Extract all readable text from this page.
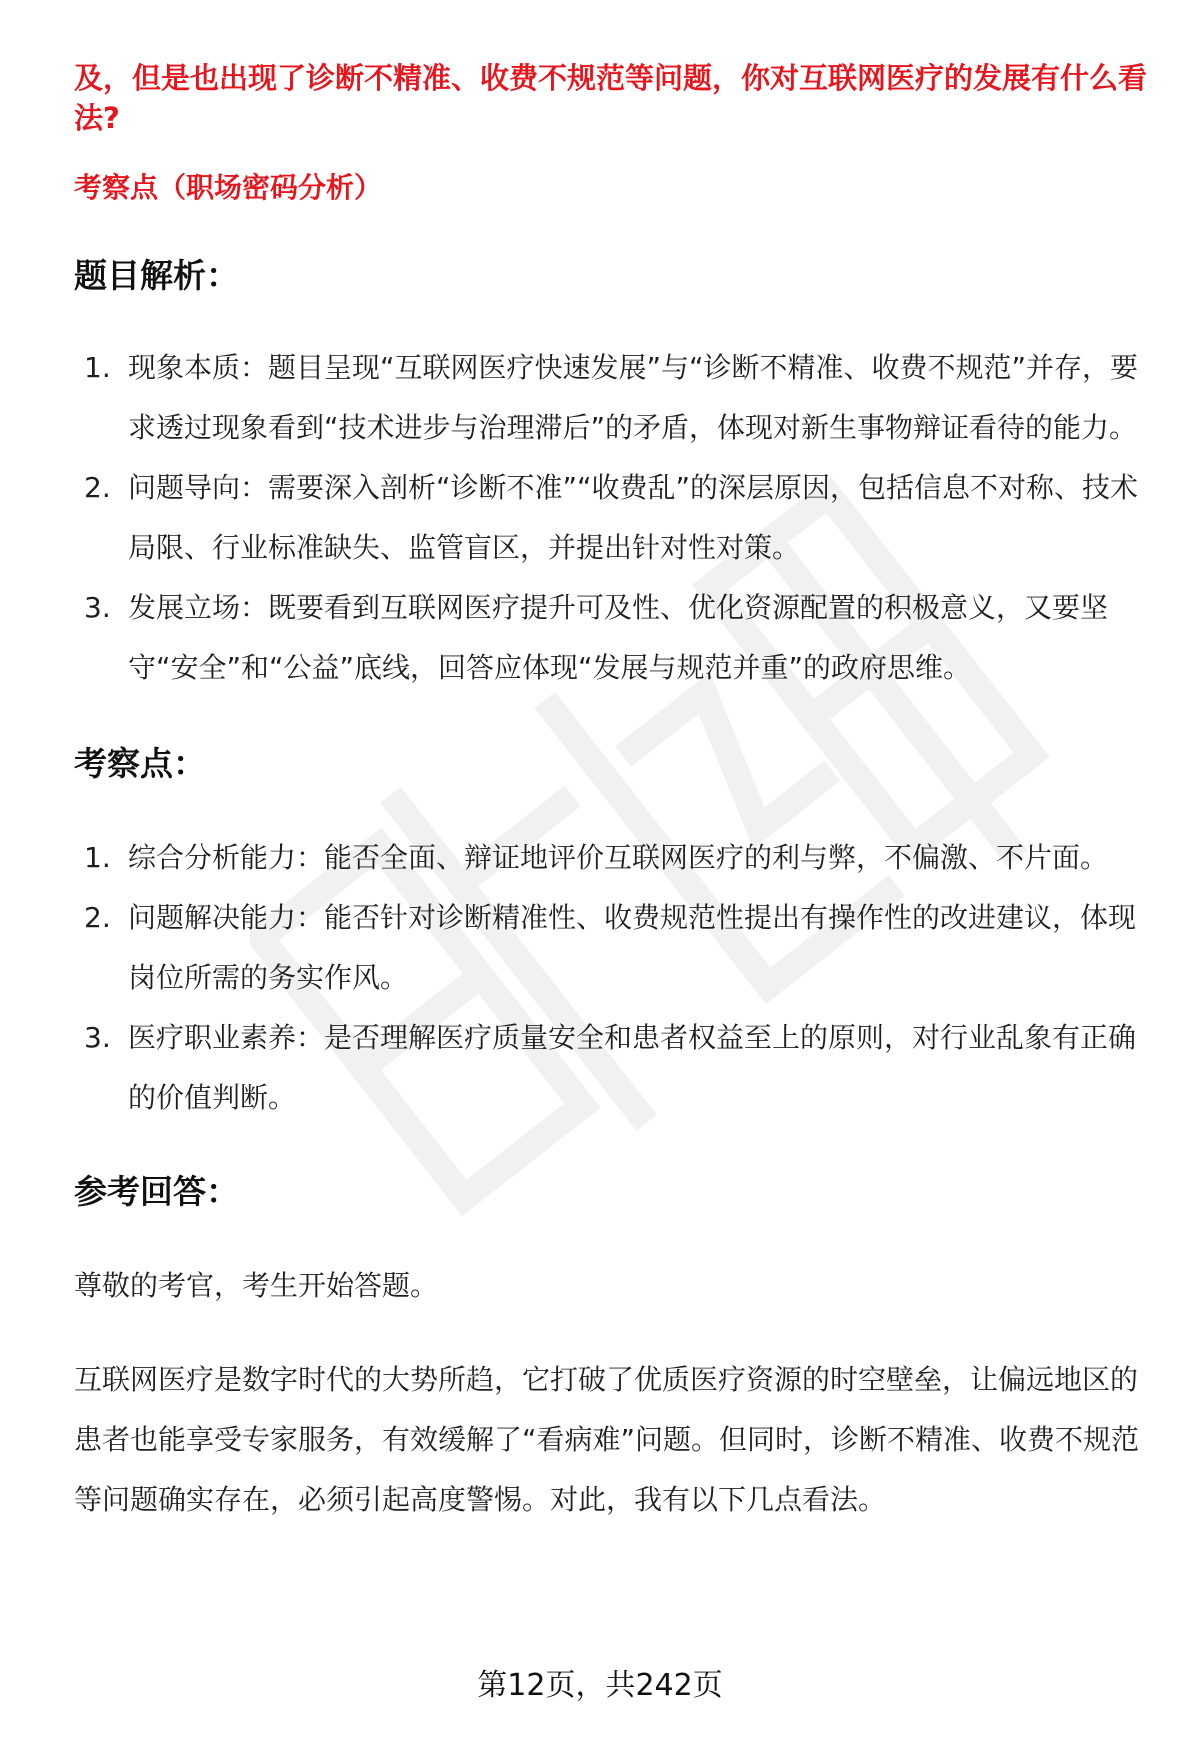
及，但是也出现了诊断不精准、收费不规范等问题，你对互联网医疗的发展有什么看法?

考察点（职场密码分析）
题目解析：
1. 现象本质：题目呈现“互联网医疗快速发展”与“诊断不精准、收费不规范”并存，要求透过现象看到“技术进步与治理滞后”的矛盾，体现对新生事物辩证看待的能力。
2. 问题导向：需要深入剖析“诊断不准”“收费乱”的深层原因，包括信息不对称、技术局限、行业标准缺失、监管盲区，并提出针对性对策。
3. 发展立场：既要看到互联网医疗提升可及性、优化资源配置的积极意义，又要坚守“安全”和“公益”底线，回答应体现“发展与规范并重”的政府思维。
考察点：
1. 综合分析能力：能否全面、辩证地评价互联网医疗的利与弊，不偏激、不片面。
2. 问题解决能力：能否针对诊断精准性、收费规范性提出有操作性的改进建议，体现岗位所需的务实作风。
3. 医疗职业素养：是否理解医疗质量安全和患者权益至上的原则，对行业乱象有正确的价值判断。
参考回答：

尊敬的考官，考生开始答题。

互联网医疗是数字时代的大势所趋，它打破了优质医疗资源的时空壁垒，让偏远地区的患者也能享受专家服务，有效缓解了“看病难”问题。但同时，诊断不精准、收费不规范等问题确实存在，必须引起高度警惕。对此，我有以下几点看法。

第12页，共242页
